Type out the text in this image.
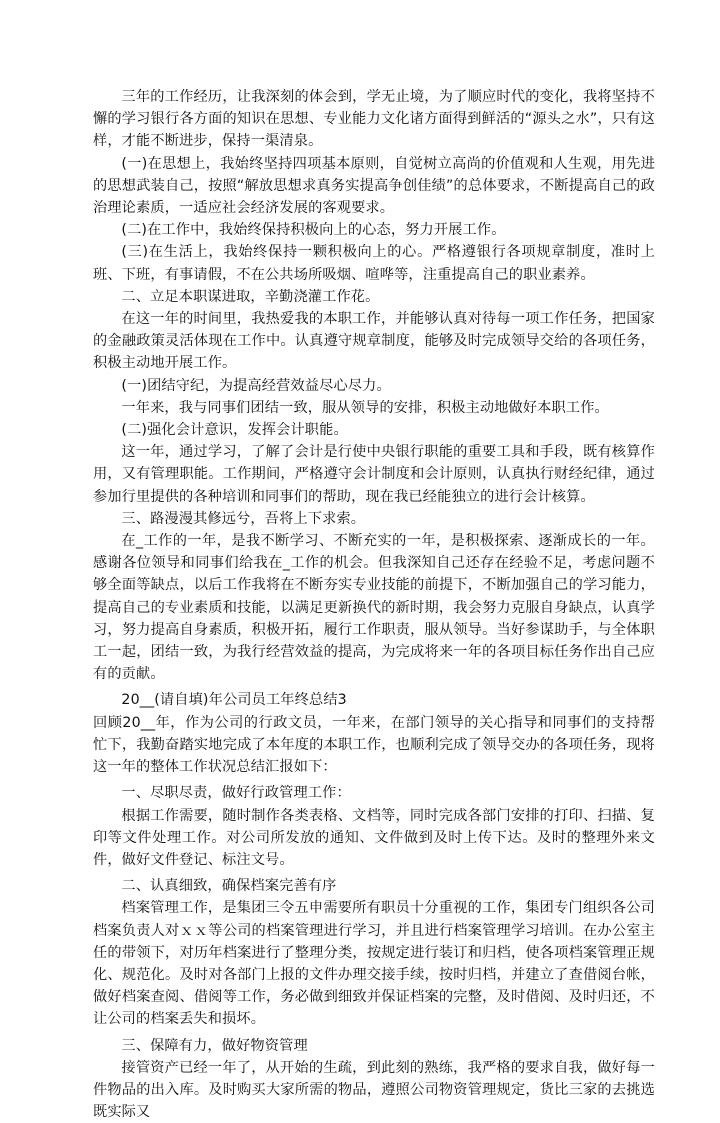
三年的工作经历，让我深刻的体会到，学无止境，为了顺应时代的变化，我将坚持不懈的学习银行各方面的知识在思想、专业能力文化诸方面得到鲜活的“源头之水”，只有这样，才能不断进步，保持一渠清泉。

(一)在思想上，我始终坚持四项基本原则，自觉树立高尚的价值观和人生观，用先进的思想武装自己，按照“解放思想求真务实提高争创佳绩”的总体要求，不断提高自己的政治理论素质，一适应社会经济发展的客观要求。

(二)在工作中，我始终保持积极向上的心态，努力开展工作。

(三)在生活上，我始终保持一颗积极向上的心。严格遵银行各项规章制度，准时上班、下班，有事请假，不在公共场所吸烟、喧哗等，注重提高自己的职业素养。

二、立足本职谋进取，辛勤浇灌工作花。

在这一年的时间里，我热爱我的本职工作，并能够认真对待每一项工作任务，把国家的金融政策灵活体现在工作中。认真遵守规章制度，能够及时完成领导交给的各项任务，积极主动地开展工作。

(一)团结守纪，为提高经营效益尽心尽力。

一年来，我与同事们团结一致，服从领导的安排，积极主动地做好本职工作。

(二)强化会计意识，发挥会计职能。

这一年，通过学习，了解了会计是行使中央银行职能的重要工具和手段，既有核算作用，又有管理职能。工作期间，严格遵守会计制度和会计原则，认真执行财经纪律，通过参加行里提供的各种培训和同事们的帮助，现在我已经能独立的进行会计核算。

三、路漫漫其修远兮，吾将上下求索。

在_工作的一年，是我不断学习、不断充实的一年，是积极探索、逐渐成长的一年。感谢各位领导和同事们给我在_工作的机会。但我深知自己还存在经验不足，考虑问题不够全面等缺点，以后工作我将在不断夯实专业技能的前提下，不断加强自己的学习能力，提高自己的专业素质和技能，以满足更新换代的新时期，我会努力克服自身缺点，认真学习，努力提高自身素质，积极开拓，履行工作职责，服从领导。当好参谋助手，与全体职工一起，团结一致，为我行经营效益的提高，为完成将来一年的各项目标任务作出自己应有的贡献。

20__(请自填)年公司员工年终总结3

回顾20__年，作为公司的行政文员，一年来，在部门领导的关心指导和同事们的支持帮忙下，我勤奋踏实地完成了本年度的本职工作，也顺利完成了领导交办的各项任务，现将这一年的整体工作状况总结汇报如下：

一、尽职尽责，做好行政管理工作：

根据工作需要，随时制作各类表格、文档等，同时完成各部门安排的打印、扫描、复印等文件处理工作。对公司所发放的通知、文件做到及时上传下达。及时的整理外来文件，做好文件登记、标注文号。

二、认真细致，确保档案完善有序

档案管理工作，是集团三令五申需要所有职员十分重视的工作，集团专门组织各公司档案负责人对ｘｘ等公司的档案管理进行学习，并且进行档案管理学习培训。在办公室主任的带领下，对历年档案进行了整理分类，按规定进行装订和归档，使各项档案管理正规化、规范化。及时对各部门上报的文件办理交接手续，按时归档，并建立了查借阅台帐，做好档案查阅、借阅等工作，务必做到细致并保证档案的完整，及时借阅、及时归还，不让公司的档案丢失和损坏。

三、保障有力，做好物资管理

接管资产已经一年了，从开始的生疏，到此刻的熟练，我严格的要求自我，做好每一件物品的出入库。及时购买大家所需的物品，遵照公司物资管理规定，货比三家的去挑选既实际又
